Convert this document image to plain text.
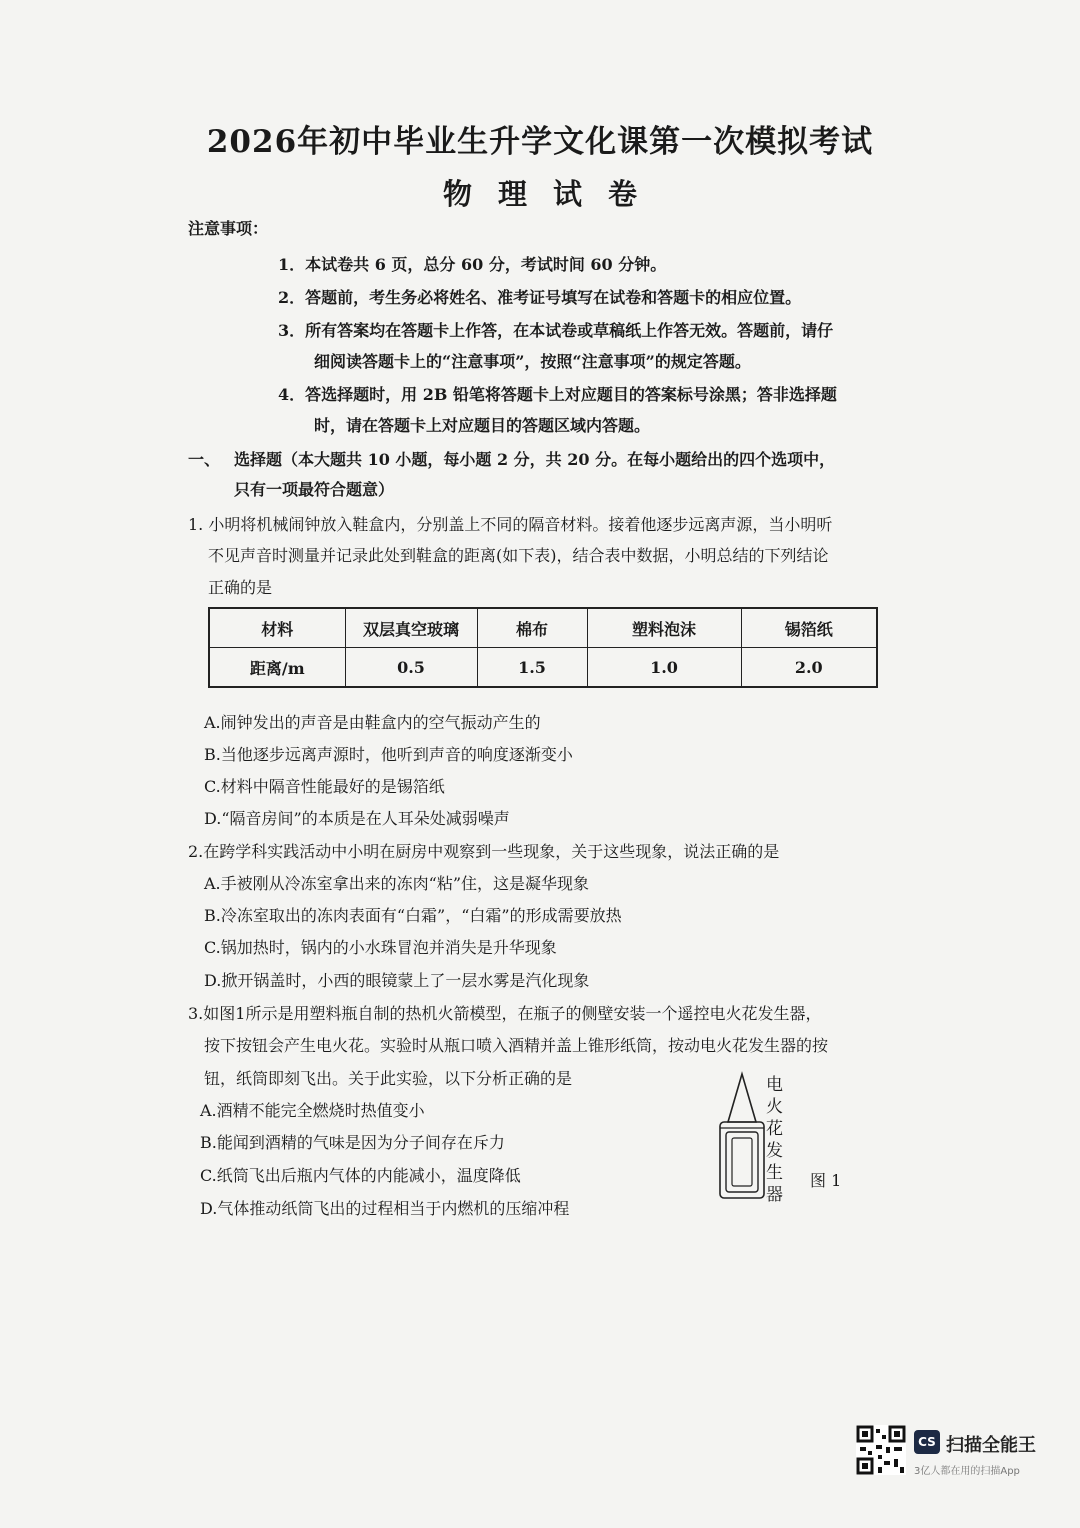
2026年初中毕业生升学文化课第一次模拟考试
物理试卷
注意事项：
1．本试卷共 6 页，总分 60 分，考试时间 60 分钟。
2．答题前，考生务必将姓名、准考证号填写在试卷和答题卡的相应位置。
3．所有答案均在答题卡上作答，在本试卷或草稿纸上作答无效。答题前，请仔
细阅读答题卡上的“注意事项”，按照“注意事项”的规定答题。
4．答选择题时，用 2B 铅笔将答题卡上对应题目的答案标号涂黑；答非选择题
时，请在答题卡上对应题目的答题区域内答题。
一、 选择题（本大题共 10 小题，每小题 2 分，共 20 分。在每小题给出的四个选项中，
只有一项最符合题意）
1. 小明将机械闹钟放入鞋盒内，分别盖上不同的隔音材料。接着他逐步远离声源，当小明听
不见声音时测量并记录此处到鞋盒的距离(如下表)，结合表中数据，小明总结的下列结论
正确的是
材料	双层真空玻璃	棉布	塑料泡沫	锡箔纸
距离/m	0.5	1.5	1.0	2.0
A.闹钟发出的声音是由鞋盒内的空气振动产生的
B.当他逐步远离声源时，他听到声音的响度逐渐变小
C.材料中隔音性能最好的是锡箔纸
D.“隔音房间”的本质是在人耳朵处减弱噪声
2.在跨学科实践活动中小明在厨房中观察到一些现象，关于这些现象，说法正确的是
A.手被刚从冷冻室拿出来的冻肉“粘”住，这是凝华现象
B.冷冻室取出的冻肉表面有“白霜”，“白霜”的形成需要放热
C.锅加热时，锅内的小水珠冒泡并消失是升华现象
D.掀开锅盖时，小西的眼镜蒙上了一层水雾是汽化现象
3.如图1所示是用塑料瓶自制的热机火箭模型，在瓶子的侧壁安装一个遥控电火花发生器，
按下按钮会产生电火花。实验时从瓶口喷入酒精并盖上锥形纸筒，按动电火花发生器的按
钮，纸筒即刻飞出。关于此实验，以下分析正确的是
A.酒精不能完全燃烧时热值变小
B.能闻到酒精的气味是因为分子间存在斥力
C.纸筒飞出后瓶内气体的内能减小，温度降低
D.气体推动纸筒飞出的过程相当于内燃机的压缩冲程
电火花发生器
图 1
CS 扫描全能王
3亿人都在用的扫描App
